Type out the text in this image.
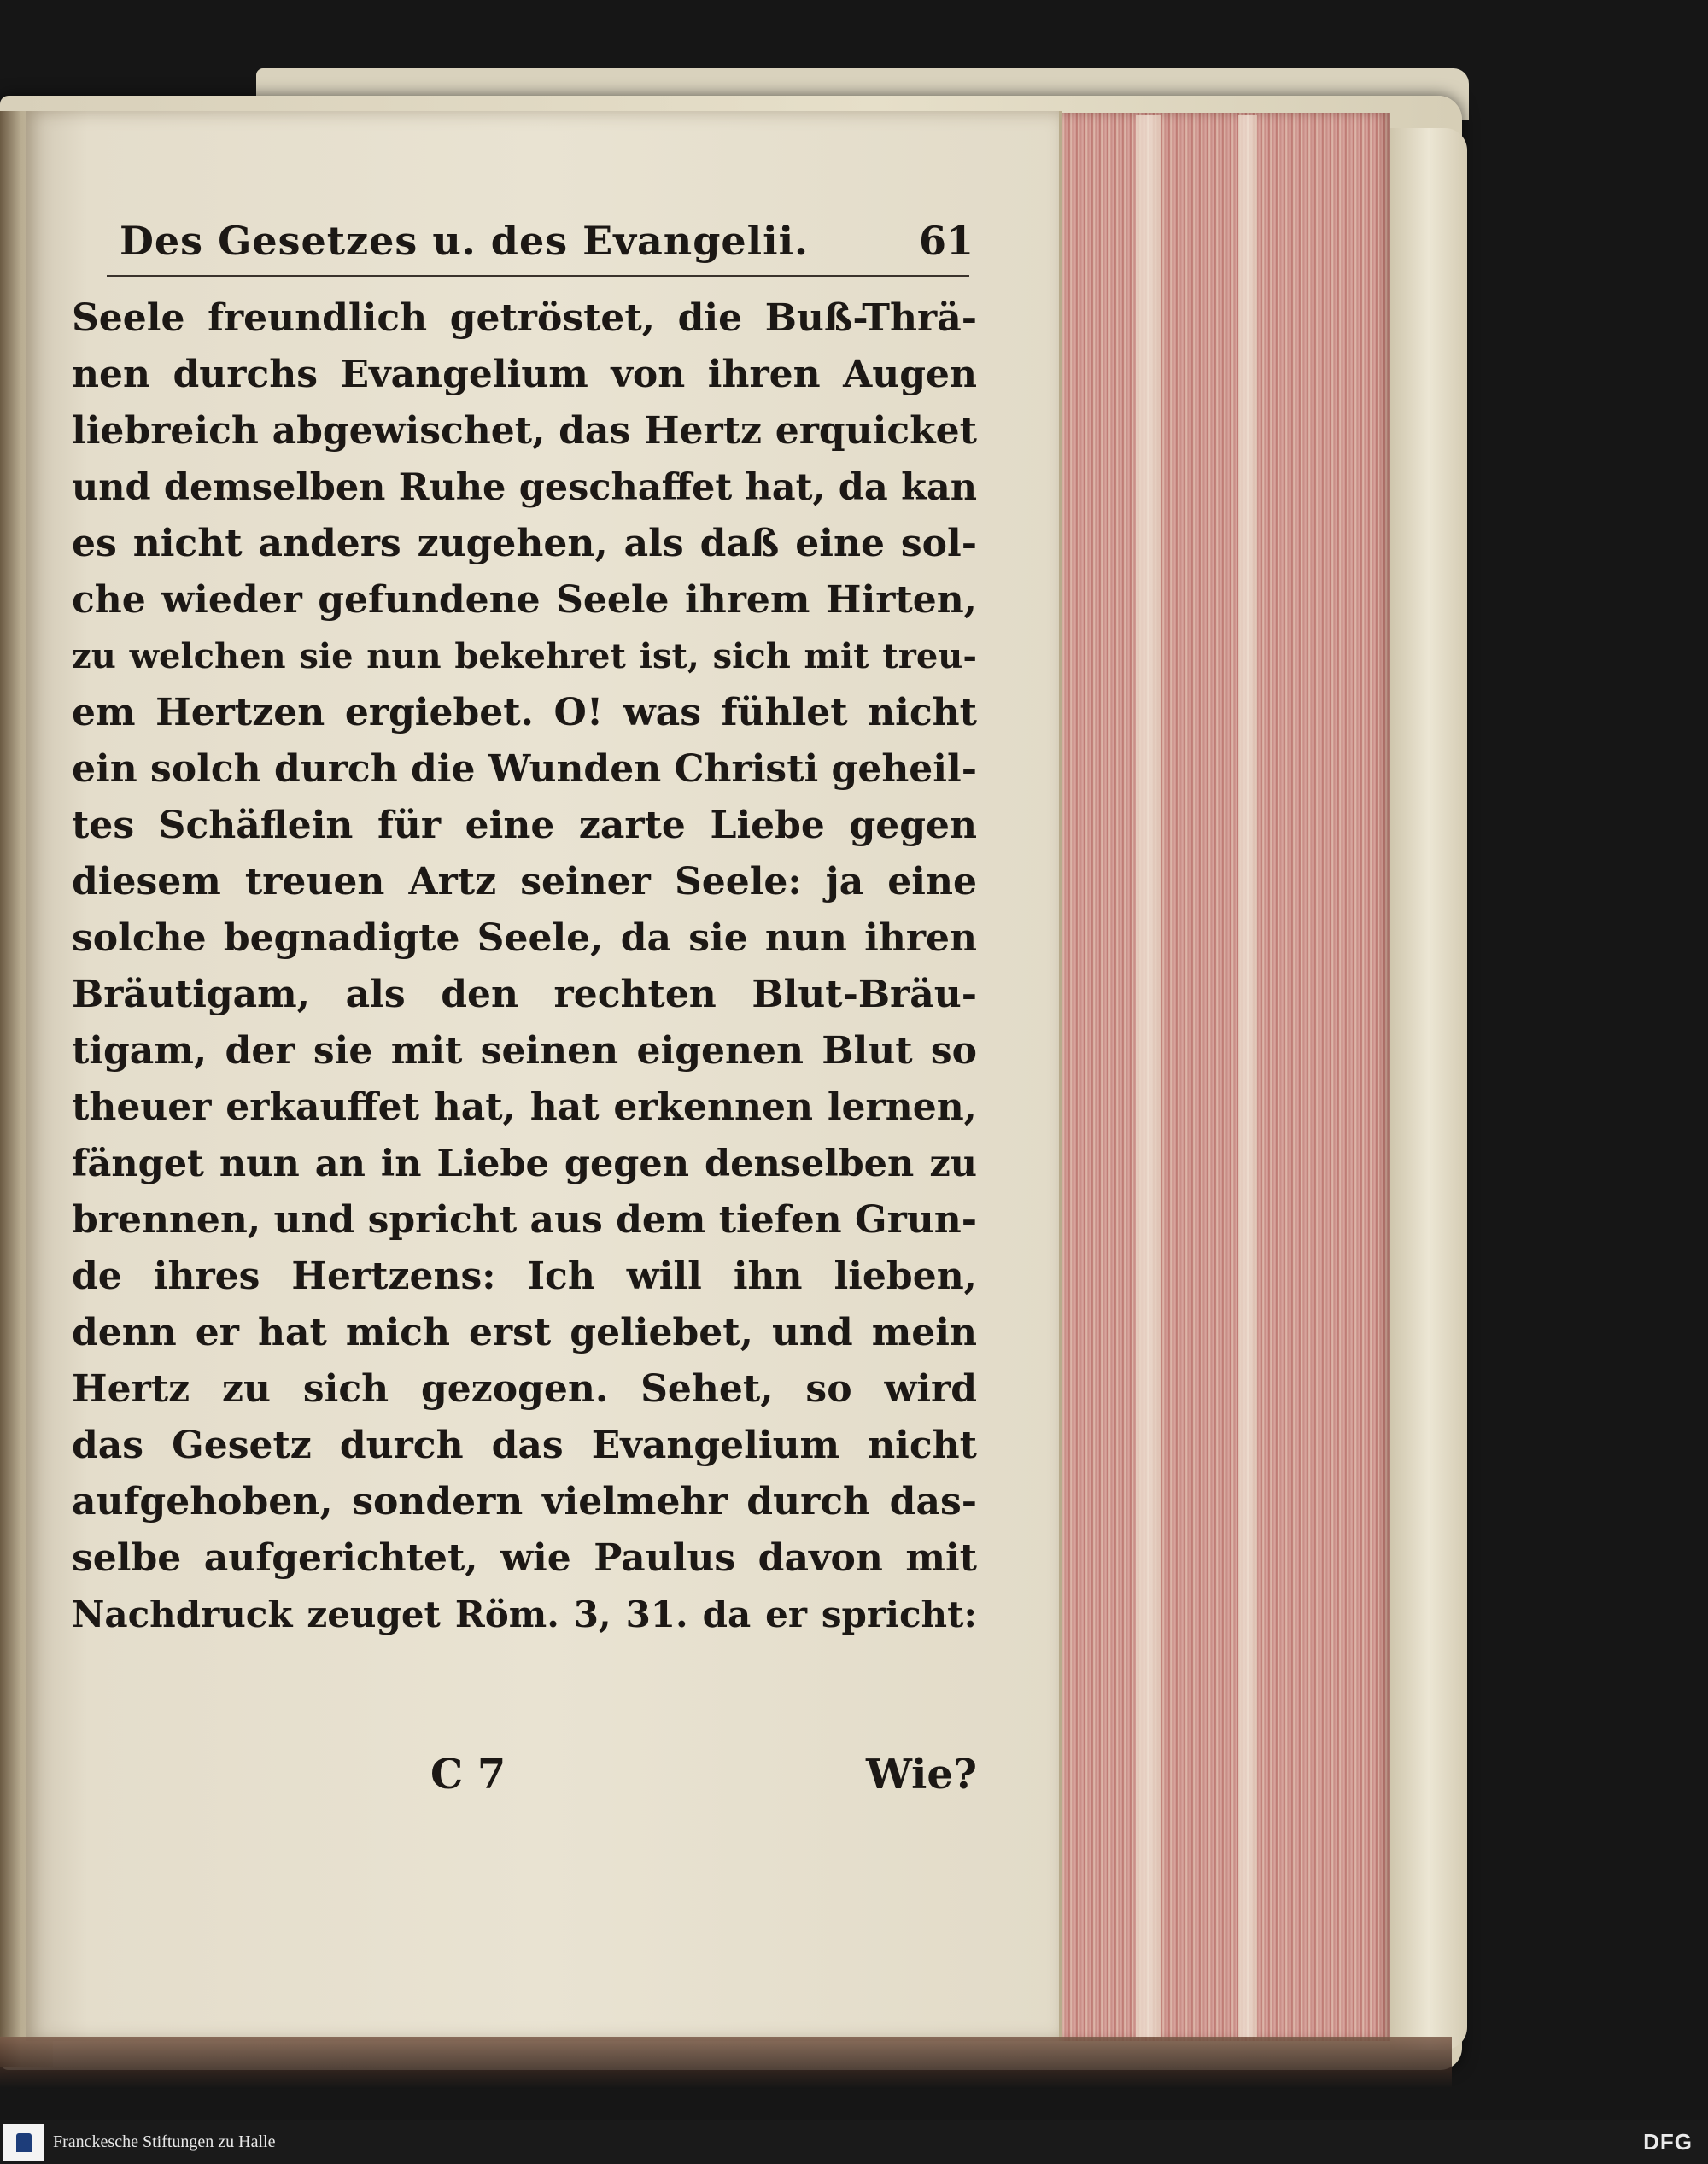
Des Gesetzes u. des Evangelii.	61
Seele freundlich getröstet, die Buß-Thrä-
nen durchs Evangelium von ihren Augen
liebreich abgewischet, das Hertz erquicket
und demselben Ruhe geschaffet hat, da kan
es nicht anders zugehen, als daß eine sol-
che wieder gefundene Seele ihrem Hirten,
zu welchen sie nun bekehret ist, sich mit treu-
em Hertzen ergiebet. O! was fühlet nicht
ein solch durch die Wunden Christi geheil-
tes Schäflein für eine zarte Liebe gegen
diesem treuen Artz seiner Seele: ja eine
solche begnadigte Seele, da sie nun ihren
Bräutigam, als den rechten Blut-Bräu-
tigam, der sie mit seinen eigenen Blut so
theuer erkauffet hat, hat erkennen lernen,
fänget nun an in Liebe gegen denselben zu
brennen, und spricht aus dem tiefen Grun-
de ihres Hertzens: Ich will ihn lieben,
denn er hat mich erst geliebet, und mein
Hertz zu sich gezogen. Sehet, so wird
das Gesetz durch das Evangelium nicht
aufgehoben, sondern vielmehr durch das-
selbe aufgerichtet, wie Paulus davon mit
Nachdruck zeuget Röm. 3, 31. da er spricht:
C 7	Wie?
Franckesche Stiftungen zu Halle	DFG
